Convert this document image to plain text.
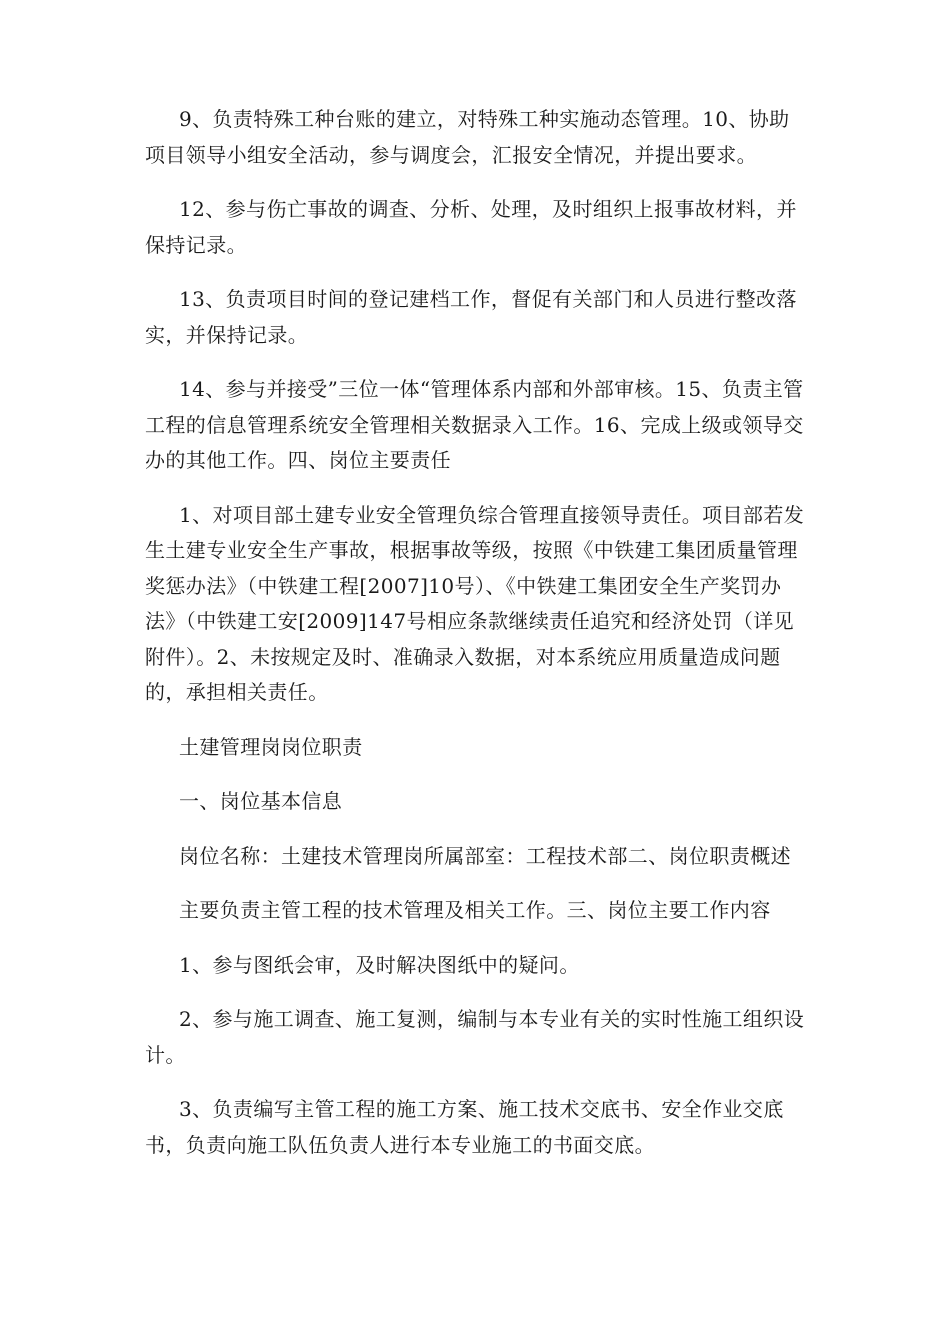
9、负责特殊工种台账的建立，对特殊工种实施动态管理。10、协助项目领导小组安全活动，参与调度会，汇报安全情况，并提出要求。

12、参与伤亡事故的调查、分析、处理，及时组织上报事故材料，并保持记录。

13、负责项目时间的登记建档工作，督促有关部门和人员进行整改落实，并保持记录。

14、参与并接受”三位一体“管理体系内部和外部审核。15、负责主管工程的信息管理系统安全管理相关数据录入工作。16、完成上级或领导交办的其他工作。四、岗位主要责任

1、对项目部土建专业安全管理负综合管理直接领导责任。项目部若发生土建专业安全生产事故，根据事故等级，按照《中铁建工集团质量管理奖惩办法》（中铁建工程[2007]10号）、《中铁建工集团安全生产奖罚办法》（中铁建工安[2009]147号相应条款继续责任追究和经济处罚（详见附件）。2、未按规定及时、准确录入数据，对本系统应用质量造成问题的，承担相关责任。

土建管理岗岗位职责

一、岗位基本信息

岗位名称：土建技术管理岗所属部室：工程技术部二、岗位职责概述

主要负责主管工程的技术管理及相关工作。三、岗位主要工作内容

1、参与图纸会审，及时解决图纸中的疑问。

2、参与施工调查、施工复测，编制与本专业有关的实时性施工组织设计。

3、负责编写主管工程的施工方案、施工技术交底书、安全作业交底书，负责向施工队伍负责人进行本专业施工的书面交底。
